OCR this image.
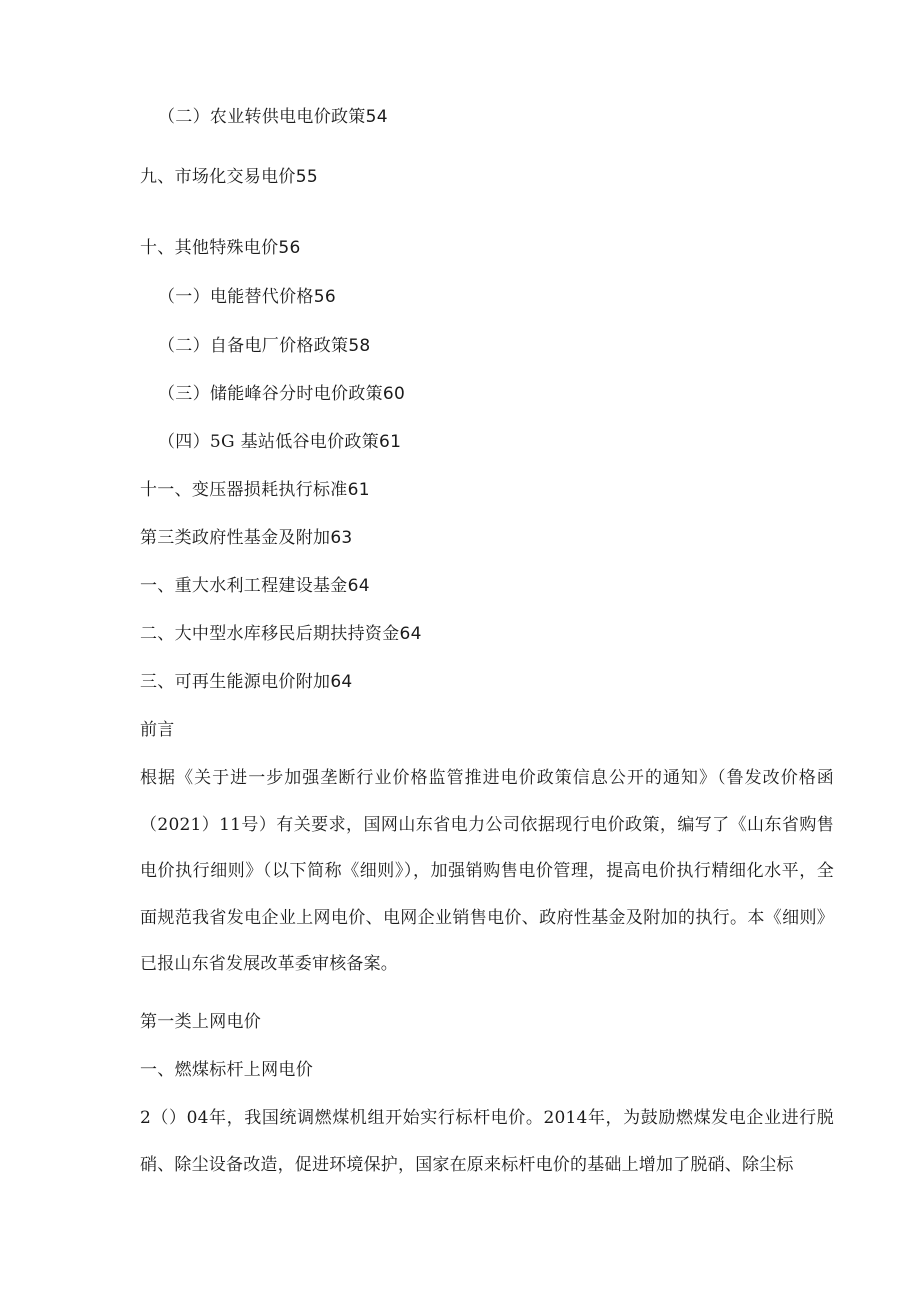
（二）农业转供电电价政策54
九、市场化交易电价55
十、其他特殊电价56
（一）电能替代价格56
（二）自备电厂价格政策58
（三）储能峰谷分时电价政策60
（四）5G 基站低谷电价政策61
十一、变压器损耗执行标准61
第三类政府性基金及附加63
一、重大水利工程建设基金64
二、大中型水库移民后期扶持资金64
三、可再生能源电价附加64
前言
根据《关于进一步加强垄断行业价格监管推进电价政策信息公开的通知》（鲁发改价格函（2021）11号）有关要求，国网山东省电力公司依据现行电价政策，编写了《山东省购售电价执行细则》（以下简称《细则》），加强销购售电价管理，提高电价执行精细化水平，全面规范我省发电企业上网电价、电网企业销售电价、政府性基金及附加的执行。本《细则》已报山东省发展改革委审核备案。
第一类上网电价
一、燃煤标杆上网电价
2（）04年，我国统调燃煤机组开始实行标杆电价。2014年，为鼓励燃煤发电企业进行脱硝、除尘设备改造，促进环境保护，国家在原来标杆电价的基础上增加了脱硝、除尘标
